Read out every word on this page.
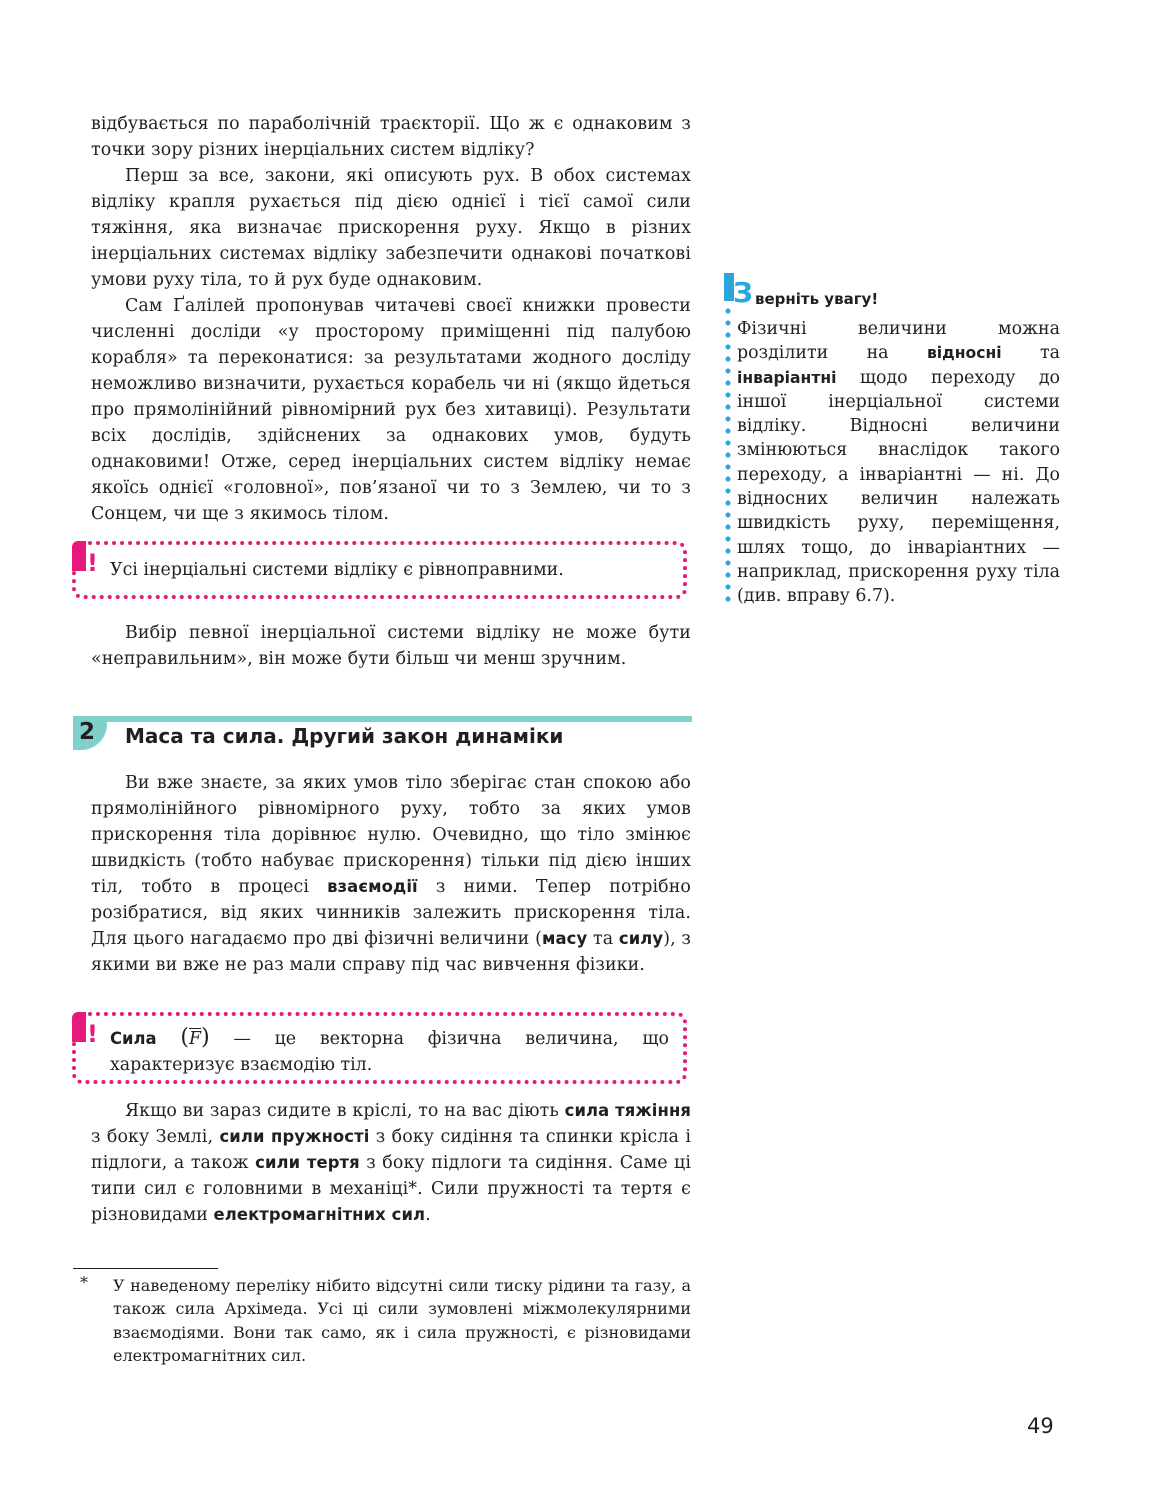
відбувається по параболічній траєкторії. Що ж є однаковим з точки зору різних інерціальних систем відліку?

Перш за все, закони, які описують рух. В обох системах відліку крапля рухається під дією однієї і тієї самої сили тяжіння, яка визначає прискорення руху. Якщо в різних інерціальних системах відліку забезпечити однакові початкові умови руху тіла, то й рух буде однаковим.

Сам Ґалілей пропонував читачеві своєї книжки провести численні досліди «у просторому приміщенні під палубою корабля» та переконатися: за результатами жодного досліду неможливо визначити, рухається корабель чи ні (якщо йдеться про прямолінійний рівномірний рух без хитавиці). Результати всіх дослідів, здійснених за однакових умов, будуть однаковими! Отже, серед інерціальних систем відліку немає якоїсь однієї «головної», пов’язаної чи то з Землею, чи то з Сонцем, чи ще з якимось тілом.

! Усі інерціальні системи відліку є рівноправними.

Вибір певної інерціальної системи відліку не може бути «неправильним», він може бути більш чи менш зручним.

2 Маса та сила. Другий закон динаміки

Ви вже знаєте, за яких умов тіло зберігає стан спокою або прямолінійного рівномірного руху, тобто за яких умов прискорення тіла дорівнює нулю. Очевидно, що тіло змінює швидкість (тобто набуває прискорення) тільки під дією інших тіл, тобто в процесі взаємодії з ними. Тепер потрібно розібратися, від яких чинників залежить прискорення тіла. Для цього нагадаємо про дві фізичні величини (масу та силу), з якими ви вже не раз мали справу під час вивчення фізики.

! Сила $(\overline{F})$ — це векторна фізична величина, що характеризує взаємодію тіл.

Якщо ви зараз сидите в кріслі, то на вас діють сила тяжіння з боку Землі, сили пружності з боку сидіння та спинки крісла і підлоги, а також сили тертя з боку підлоги та сидіння. Саме ці типи сил є головними в механіці*. Сили пружності та тертя є різновидами електромагнітних сил.

З верніть увагу!

Фізичні величини можна розділити на відносні та інваріантні щодо переходу до іншої інерціальної системи відліку. Відносні величини змінюються внаслідок такого переходу, а інваріантні — ні. До відносних величин належать швидкість руху, переміщення, шлях тощо, до інваріантних — наприклад, прискорення руху тіла (див. вправу 6.7).

* У наведеному переліку нібито відсутні сили тиску рідини та газу, а також сила Архімеда. Усі ці сили зумовлені міжмолекулярними взаємодіями. Вони так само, як і сила пружності, є різновидами електромагнітних сил.

49
